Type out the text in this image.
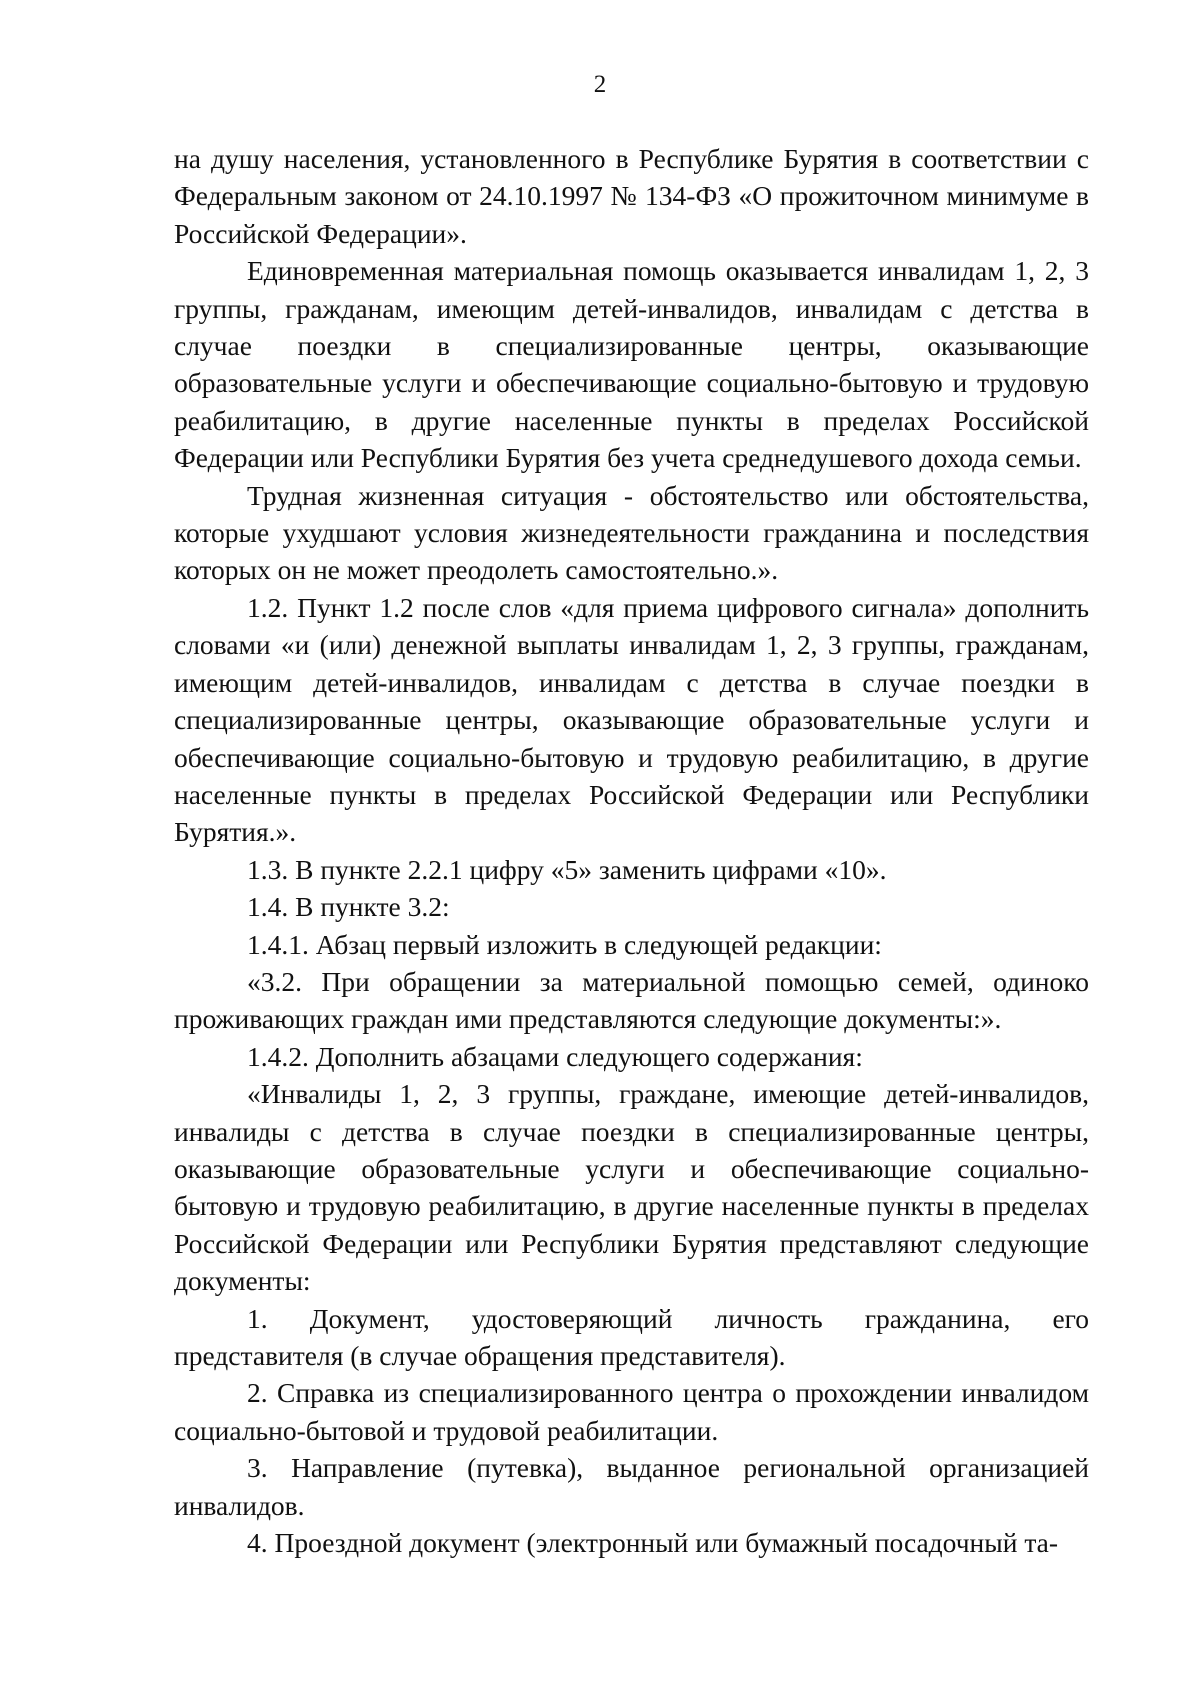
2

на душу населения, установленного в Республике Бурятия в соответствии с Федеральным законом от 24.10.1997 № 134-ФЗ «О прожиточном минимуме в Российской Федерации».

Единовременная материальная помощь оказывается инвалидам 1, 2, 3 группы, гражданам, имеющим детей-инвалидов, инвалидам с детства в случае поездки в специализированные центры, оказывающие образовательные услуги и обеспечивающие социально-бытовую и трудовую реабилитацию, в другие населенные пункты в пределах Российской Федерации или Республики Бурятия без учета среднедушевого дохода семьи.

Трудная жизненная ситуация - обстоятельство или обстоятельства, которые ухудшают условия жизнедеятельности гражданина и последствия которых он не может преодолеть самостоятельно.».

1.2. Пункт 1.2 после слов «для приема цифрового сигнала» дополнить словами «и (или) денежной выплаты инвалидам 1, 2, 3 группы, гражданам, имеющим детей-инвалидов, инвалидам с детства в случае поездки в специализированные центры, оказывающие образовательные услуги и обеспечивающие социально-бытовую и трудовую реабилитацию, в другие населенные пункты в пределах Российской Федерации или Республики Бурятия.».

1.3. В пункте 2.2.1 цифру «5» заменить цифрами «10».

1.4. В пункте 3.2:

1.4.1. Абзац первый изложить в следующей редакции:

«3.2. При обращении за материальной помощью семей, одиноко проживающих граждан ими представляются следующие документы:».

1.4.2. Дополнить абзацами следующего содержания:

«Инвалиды 1, 2, 3 группы, граждане, имеющие детей-инвалидов, инвалиды с детства в случае поездки в специализированные центры, оказывающие образовательные услуги и обеспечивающие социально-бытовую и трудовую реабилитацию, в другие населенные пункты в пределах Российской Федерации или Республики Бурятия представляют следующие документы:

1. Документ, удостоверяющий личность гражданина, его представителя (в случае обращения представителя).

2. Справка из специализированного центра о прохождении инвалидом социально-бытовой и трудовой реабилитации.

3. Направление (путевка), выданное региональной организацией инвалидов.

4. Проездной документ (электронный или бумажный посадочный та-
